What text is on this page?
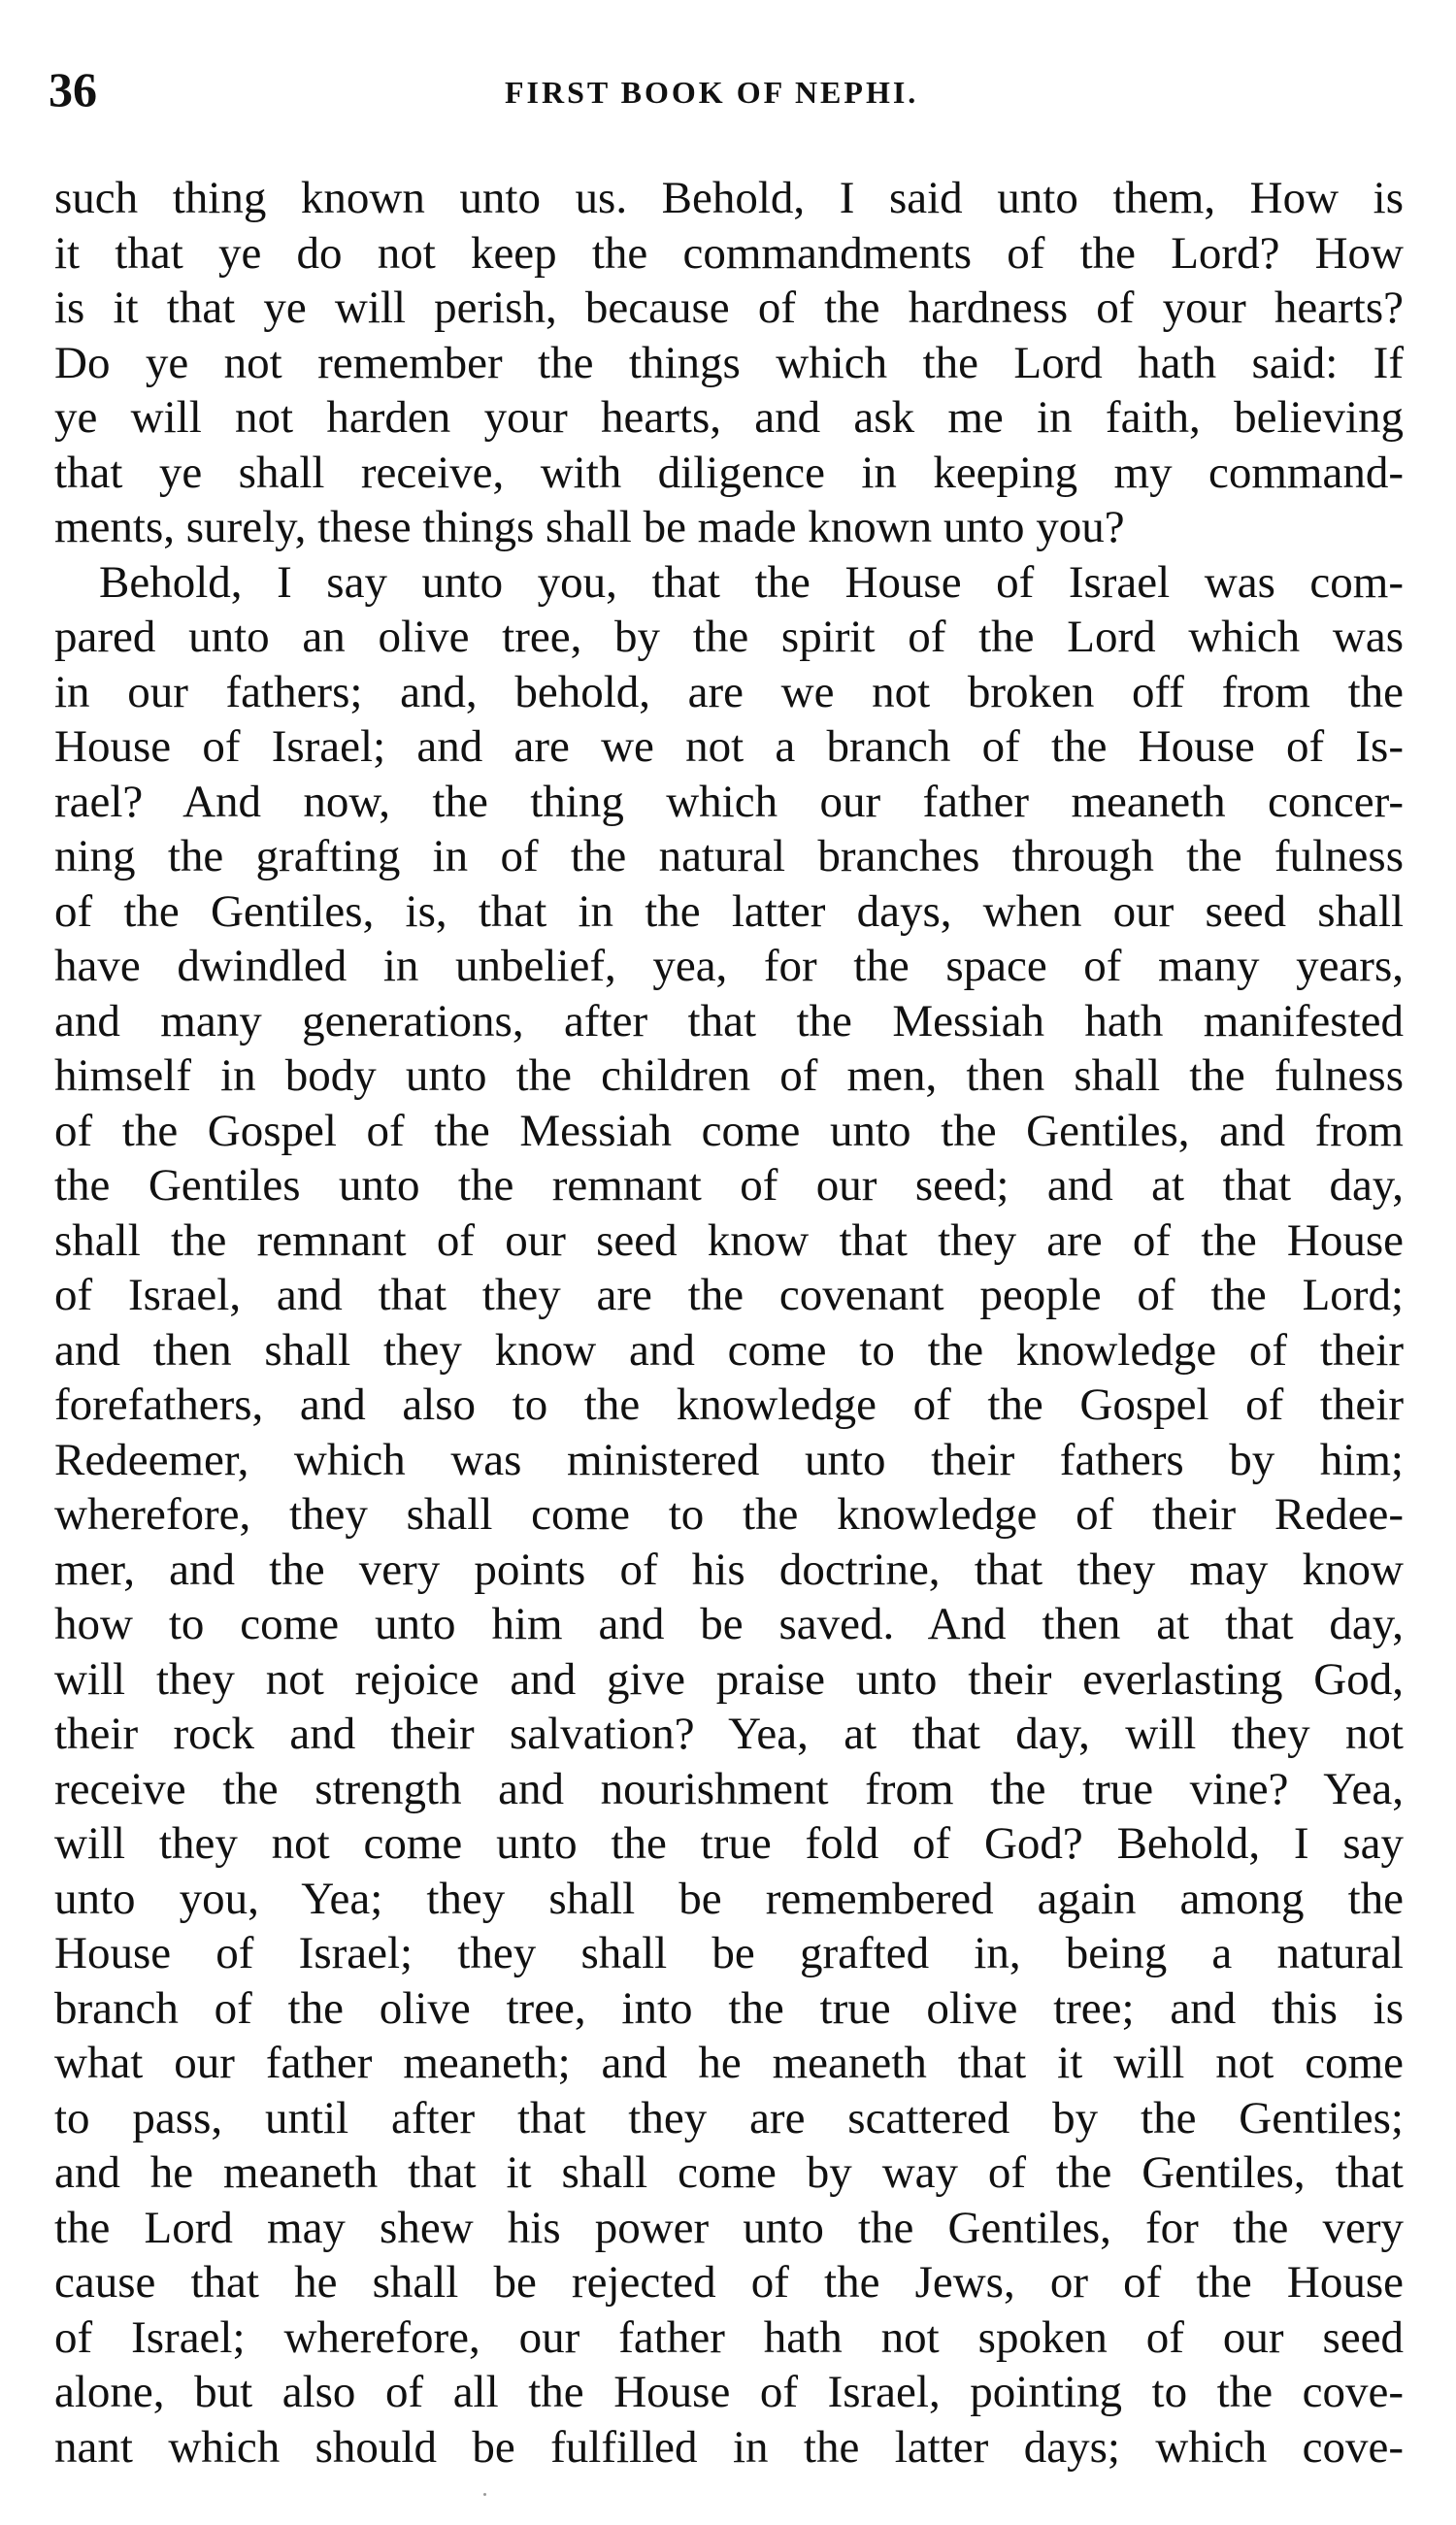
36	FIRST BOOK OF NEPHI.
such thing known unto us. Behold, I said unto them, How is
it that ye do not keep the commandments of the Lord? How
is it that ye will perish, because of the hardness of your hearts?
Do ye not remember the things which the Lord hath said: If
ye will not harden your hearts, and ask me in faith, believing
that ye shall receive, with diligence in keeping my command-
ments, surely, these things shall be made known unto you?
Behold, I say unto you, that the House of Israel was com-
pared unto an olive tree, by the spirit of the Lord which was
in our fathers; and, behold, are we not broken off from the
House of Israel; and are we not a branch of the House of Is-
rael? And now, the thing which our father meaneth concer-
ning the grafting in of the natural branches through the fulness
of the Gentiles, is, that in the latter days, when our seed shall
have dwindled in unbelief, yea, for the space of many years,
and many generations, after that the Messiah hath manifested
himself in body unto the children of men, then shall the fulness
of the Gospel of the Messiah come unto the Gentiles, and from
the Gentiles unto the remnant of our seed; and at that day,
shall the remnant of our seed know that they are of the House
of Israel, and that they are the covenant people of the Lord;
and then shall they know and come to the knowledge of their
forefathers, and also to the knowledge of the Gospel of their
Redeemer, which was ministered unto their fathers by him;
wherefore, they shall come to the knowledge of their Redee-
mer, and the very points of his doctrine, that they may know
how to come unto him and be saved. And then at that day,
will they not rejoice and give praise unto their everlasting God,
their rock and their salvation? Yea, at that day, will they not
receive the strength and nourishment from the true vine? Yea,
will they not come unto the true fold of God? Behold, I say
unto you, Yea; they shall be remembered again among the
House of Israel; they shall be grafted in, being a natural
branch of the olive tree, into the true olive tree; and this is
what our father meaneth; and he meaneth that it will not come
to pass, until after that they are scattered by the Gentiles;
and he meaneth that it shall come by way of the Gentiles, that
the Lord may shew his power unto the Gentiles, for the very
cause that he shall be rejected of the Jews, or of the House
of Israel; wherefore, our father hath not spoken of our seed
alone, but also of all the House of Israel, pointing to the cove-
nant which should be fulfilled in the latter days; which cove-
